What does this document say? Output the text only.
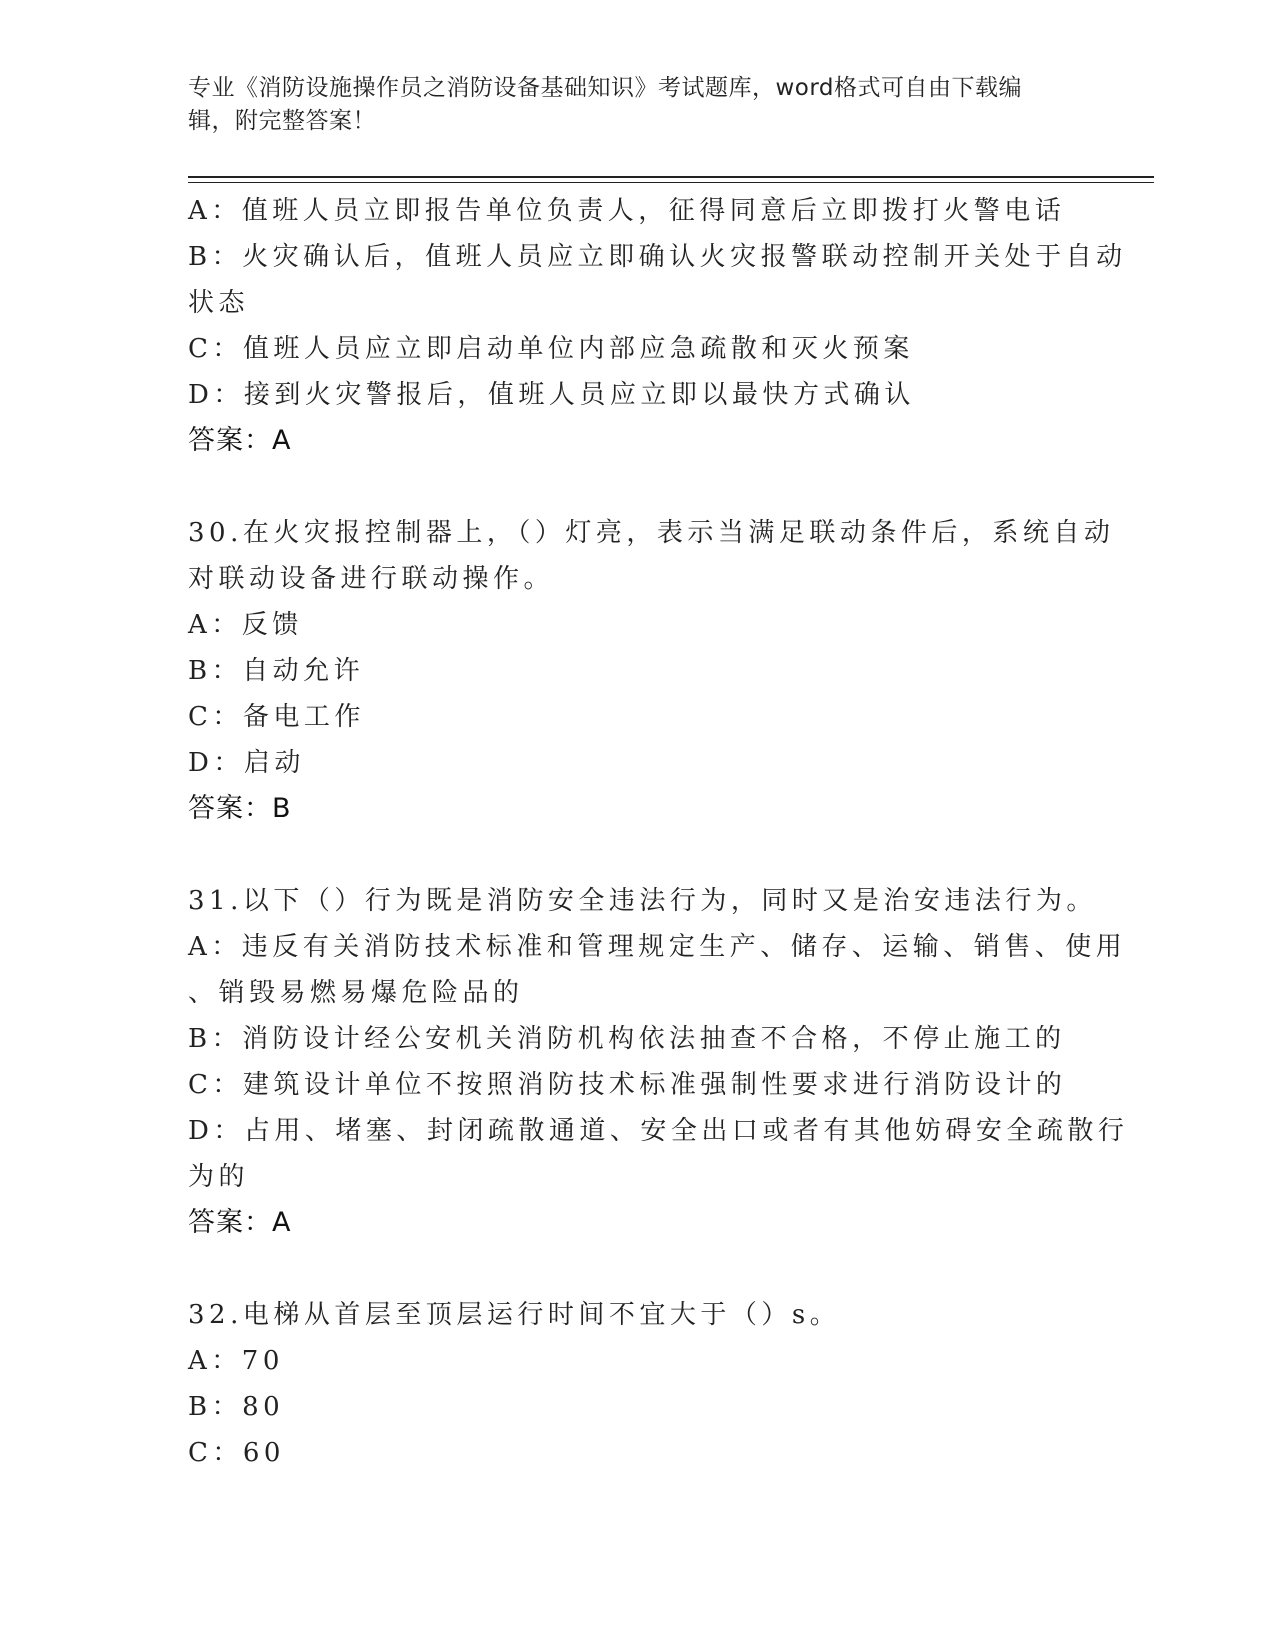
专业《消防设施操作员之消防设备基础知识》考试题库，word格式可自由下载编
辑，附完整答案！
A：值班人员立即报告单位负责人，征得同意后立即拨打火警电话
B：火灾确认后，值班人员应立即确认火灾报警联动控制开关处于自动
状态
C：值班人员应立即启动单位内部应急疏散和灭火预案
D：接到火灾警报后，值班人员应立即以最快方式确认
答案：A
30.在火灾报控制器上，（）灯亮，表示当满足联动条件后，系统自动
对联动设备进行联动操作。
A：反馈
B：自动允许
C：备电工作
D：启动
答案：B
31.以下（）行为既是消防安全违法行为，同时又是治安违法行为。
A：违反有关消防技术标准和管理规定生产、储存、运输、销售、使用
、销毁易燃易爆危险品的
B：消防设计经公安机关消防机构依法抽查不合格，不停止施工的
C：建筑设计单位不按照消防技术标准强制性要求进行消防设计的
D：占用、堵塞、封闭疏散通道、安全出口或者有其他妨碍安全疏散行
为的
答案：A
32.电梯从首层至顶层运行时间不宜大于（）s。
A：70
B：80
C：60
